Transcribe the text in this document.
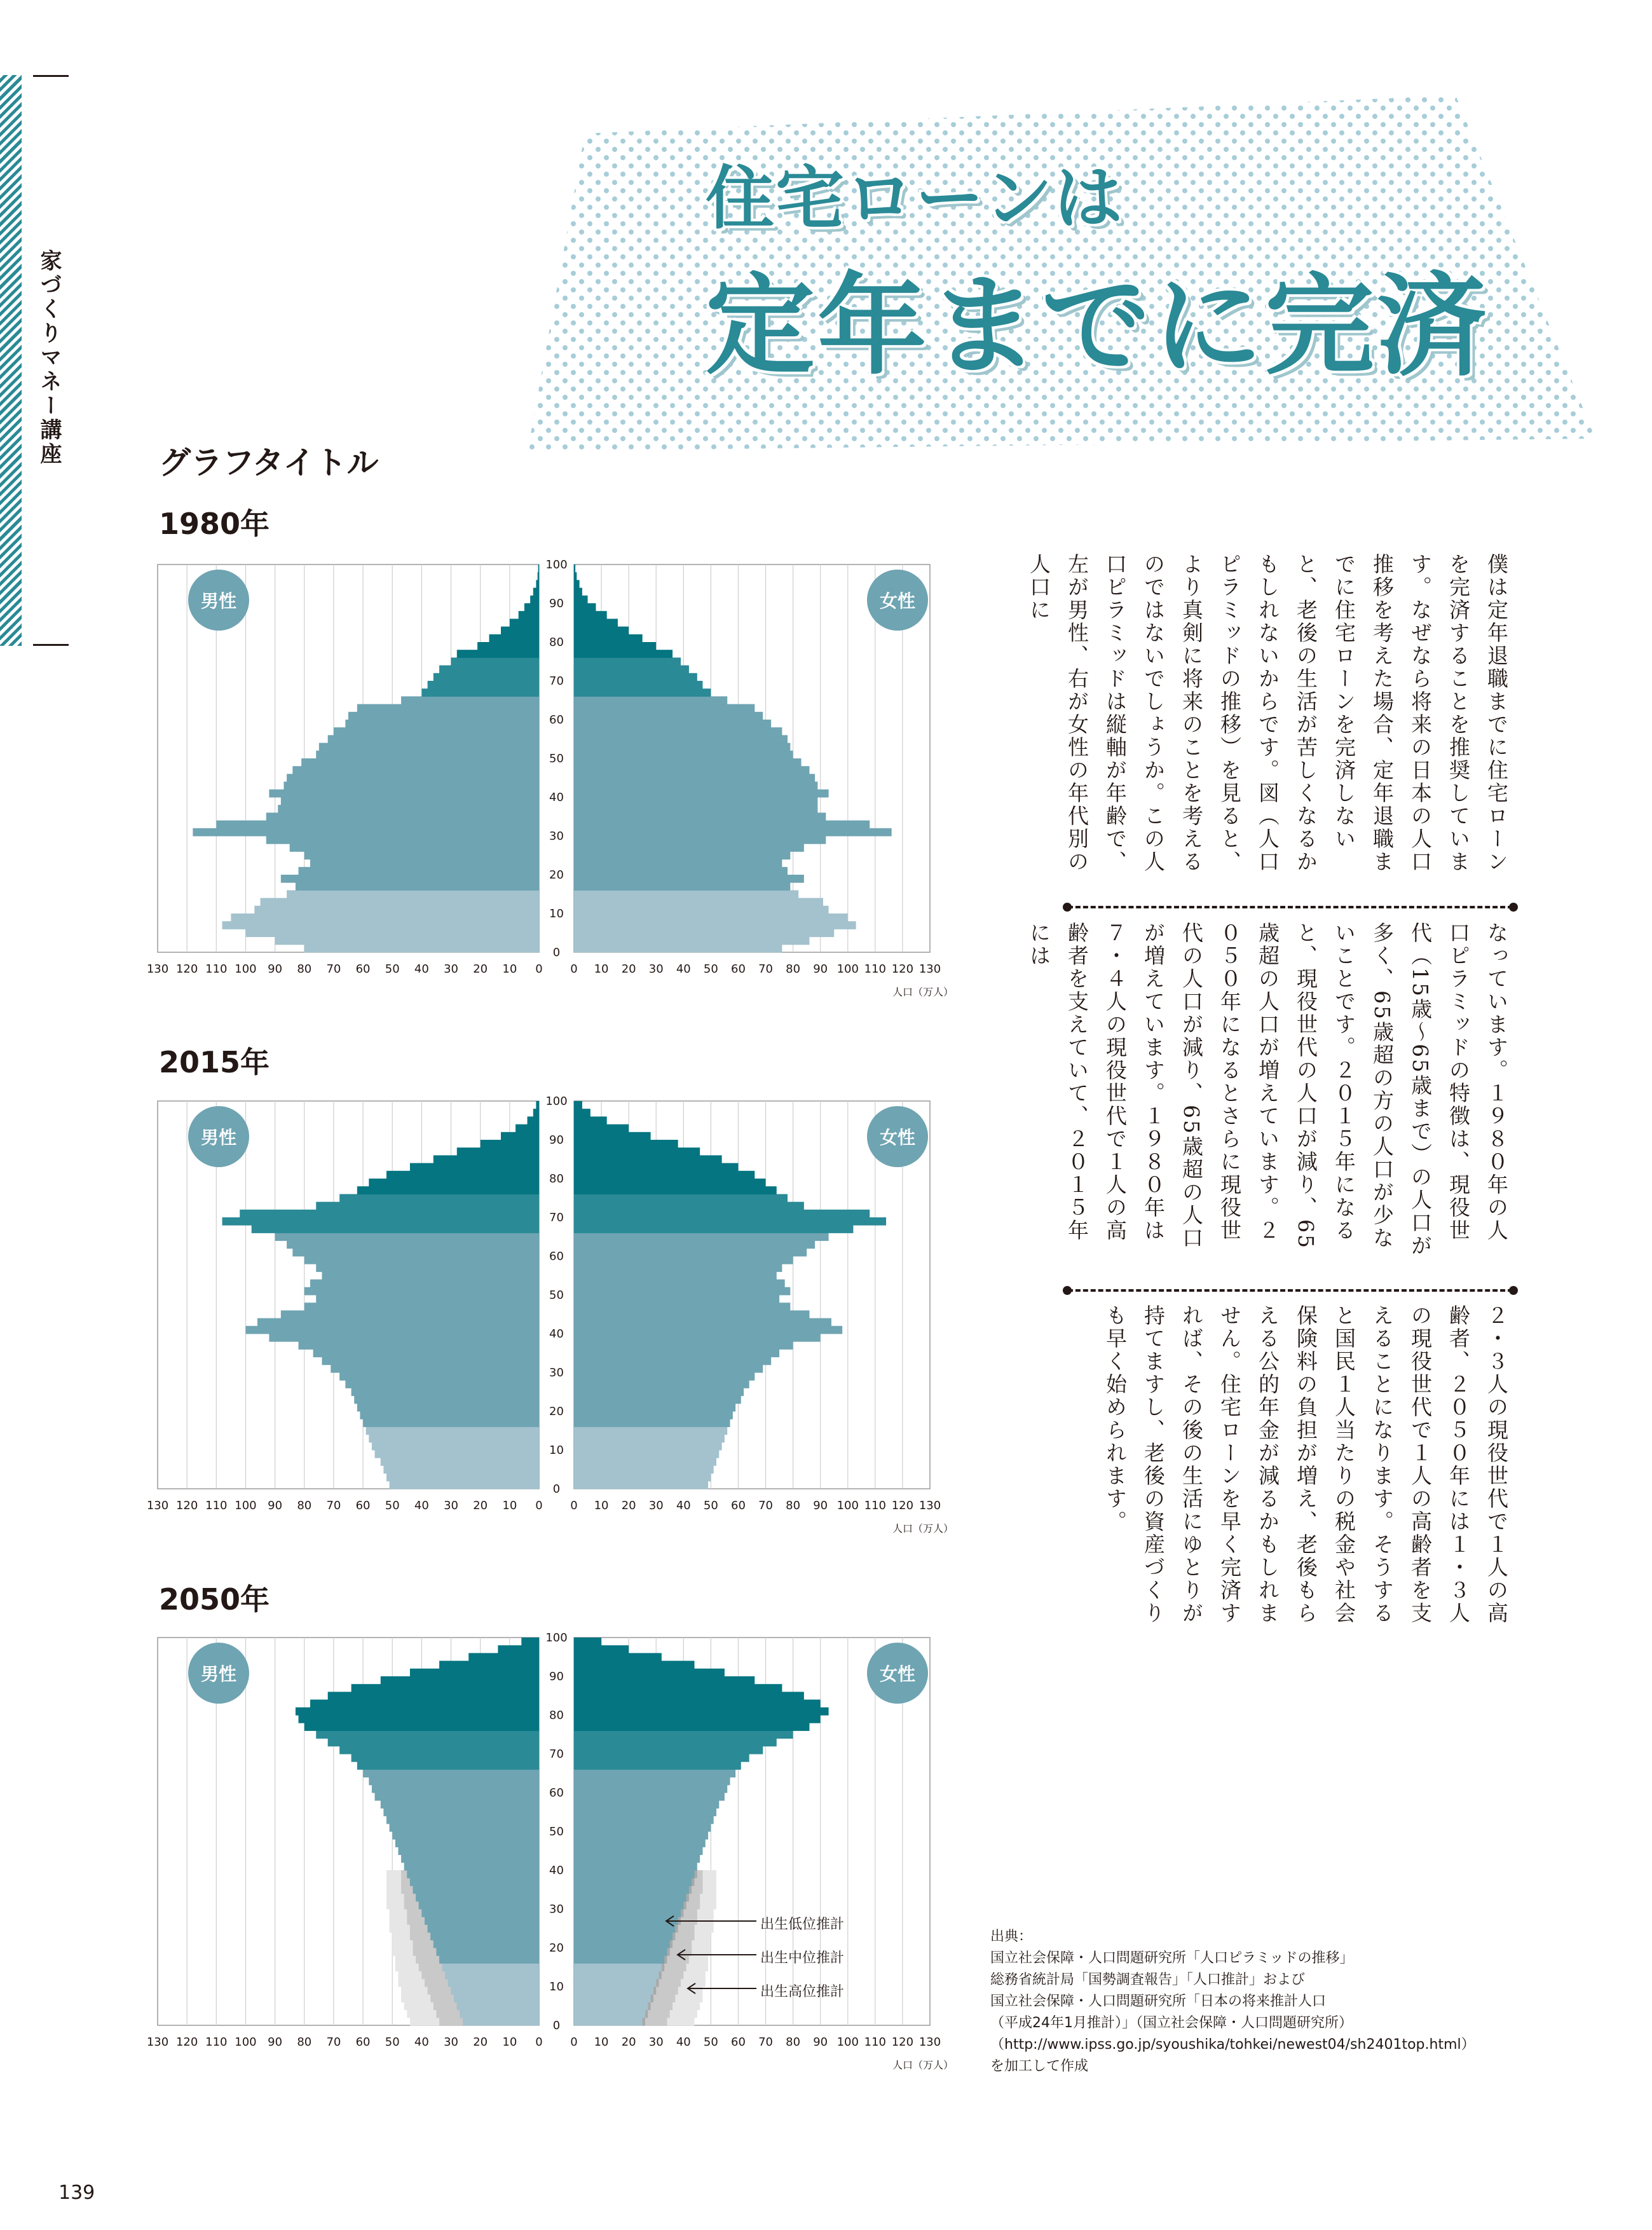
家づくりマネー講座
住宅ローンは
定年までに完済
グラフタイトル
1980年
0
10
20
30
40
50
60
70
80
90
100
130 120 110 100 90 80 70 60 50 40 30 20 10 0 0 10 20 30 40 50 60 70 80 90 100 110 120 130
男性	女性
人口（万人）
2015年
0
10
20
30
40
50
60
70
80
90
100
130 120 110 100 90 80 70 60 50 40 30 20 10 0 0 10 20 30 40 50 60 70 80 90 100 110 120 130
男性	女性
人口（万人）
2050年
0
10
20
30
40
50
60
70
80
90
100
130 120 110 100 90 80 70 60 50 40 30 20 10 0 0 10 20 30 40 50 60 70 80 90 100 110 120 130
男性	女性
人口（万人）
出生低位推計
出生中位推計
出生高位推計
僕は定年退職までに住宅ローンを完済することを推奨しています。なぜなら将来の日本の人口推移を考えた場合、定年退職までに住宅ローンを完済しないと、老後の生活が苦しくなるかもしれないからです。図（人口ピラミッドの推移）を見ると、より真剣に将来のことを考えるのではないでしょうか。この人口ピラミッドは縦軸が年齢で、左が男性、右が女性の年代別の人口に
なっています。１９８０年の人口ピラミッドの特徴は、現役世代（15歳〜65歳まで）の人口が多く、65歳超の方の人口が少ないことです。２０１５年になると、現役世代の人口が減り、65歳超の人口が増えています。２０５０年になるとさらに現役世代の人口が減り、65歳超の人口が増えています。１９８０年は７・４人の現役世代で１人の高齢者を支えていて、２０１５年には
２・３人の現役世代で１人の高齢者、２０５０年には１・３人の現役世代で１人の高齢者を支えることになります。そうすると国民１人当たりの税金や社会保険料の負担が増え、老後もらえる公的年金が減るかもしれません。住宅ローンを早く完済すれば、その後の生活にゆとりが持てますし、老後の資産づくりも早く始められます。
出典：
国立社会保障・人口問題研究所「人口ピラミッドの推移」
総務省統計局「国勢調査報告」「人口推計」および
国立社会保障・人口問題研究所「日本の将来推計人口
（平成24年1月推計）」（国立社会保障・人口問題研究所）
（http://www.ipss.go.jp/syoushika/tohkei/newest04/sh2401top.html）
を加工して作成
139
